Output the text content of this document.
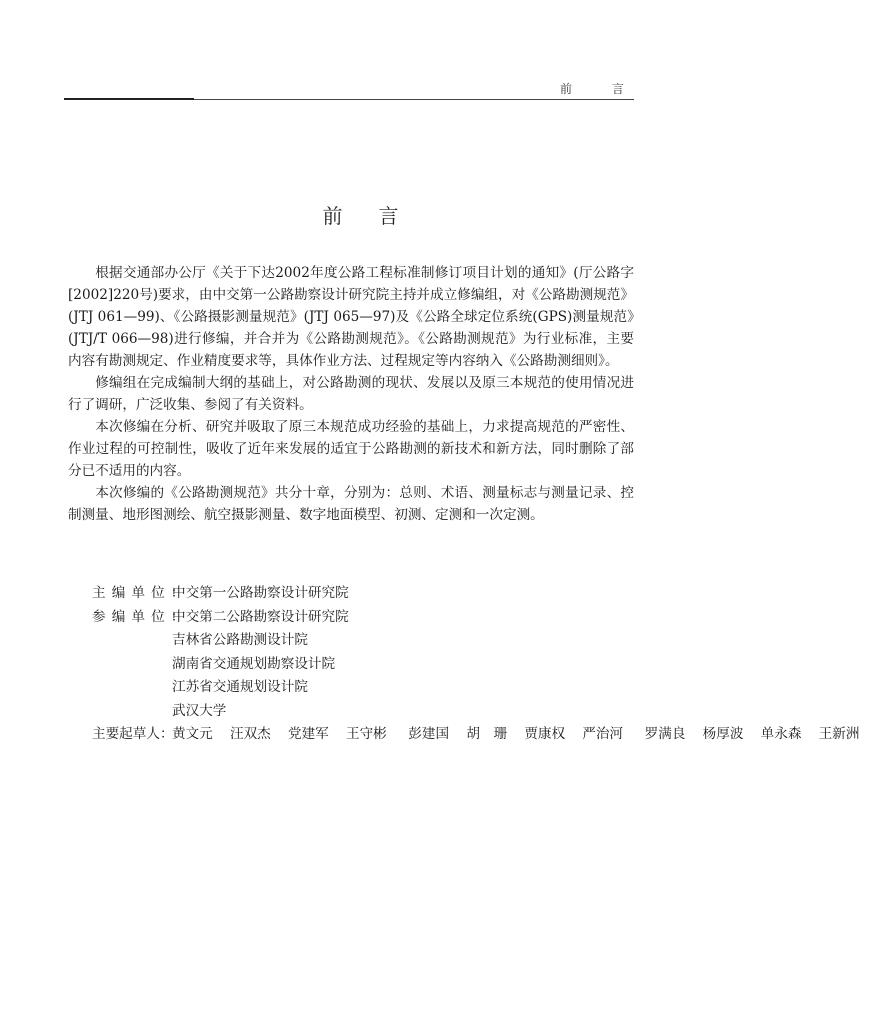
前 言
前言

根据交通部办公厅《关于下达2002年度公路工程标准制修订项目计划的通知》(厅公路字[2002]220号)要求，由中交第一公路勘察设计研究院主持并成立修编组，对《公路勘测规范》(JTJ 061—99)、《公路摄影测量规范》(JTJ 065—97)及《公路全球定位系统(GPS)测量规范》(JTJ/T 066—98)进行修编，并合并为《公路勘测规范》。《公路勘测规范》为行业标准，主要内容有勘测规定、作业精度要求等，具体作业方法、过程规定等内容纳入《公路勘测细则》。

修编组在完成编制大纲的基础上，对公路勘测的现状、发展以及原三本规范的使用情况进行了调研，广泛收集、参阅了有关资料。

本次修编在分析、研究并吸取了原三本规范成功经验的基础上，力求提高规范的严密性、作业过程的可控制性，吸收了近年来发展的适宜于公路勘测的新技术和新方法，同时删除了部分已不适用的内容。

本次修编的《公路勘测规范》共分十章，分别为：总则、术语、测量标志与测量记录、控制测量、地形图测绘、航空摄影测量、数字地面模型、初测、定测和一次定测。

主编单位：
中交第一公路勘察设计研究院
参编单位：
中交第二公路勘察设计研究院
吉林省公路勘测设计院
湖南省交通规划勘察设计院
江苏省交通规划设计院
武汉大学
主要起草人：
黄文元	汪双杰	党建军	王守彬
	彭建国	胡　珊	贾康权	严治河
	罗满良	杨厚波	单永森	王新洲
